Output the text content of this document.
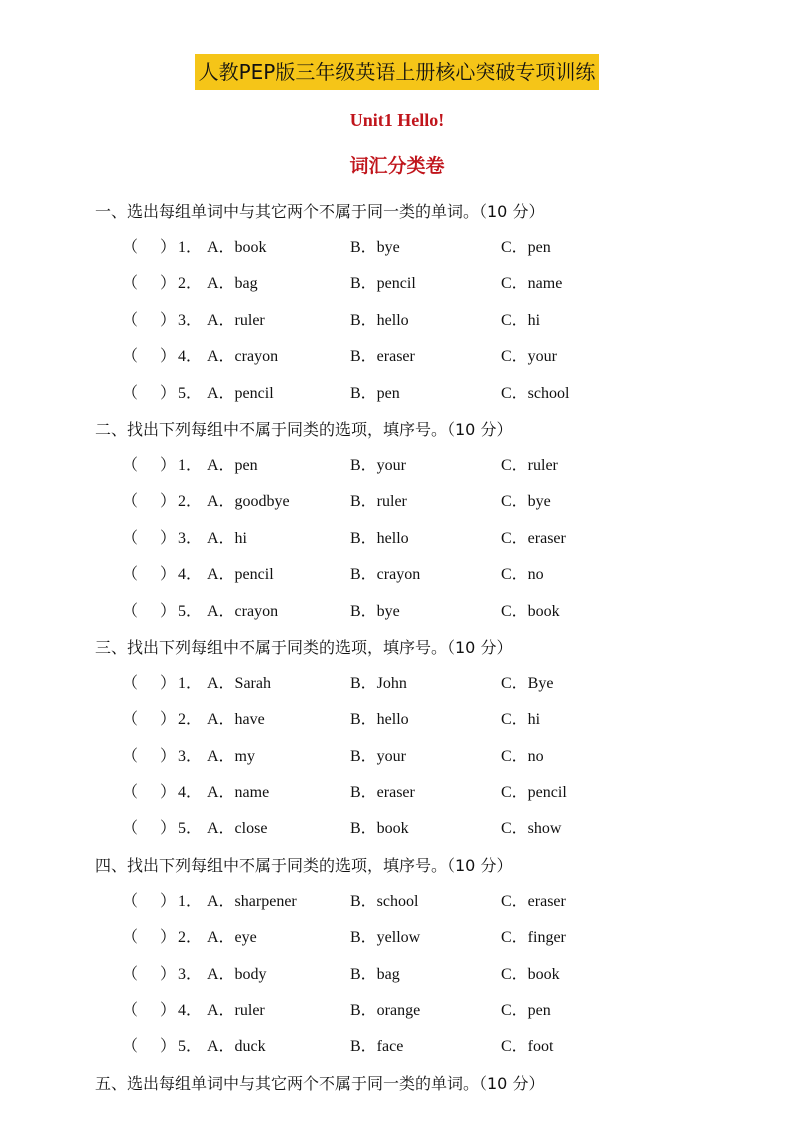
人教PEP版三年级英语上册核心突破专项训练
Unit1 Hello!
词汇分类卷
一、选出每组单词中与其它两个不属于同一类的单词。（10 分）
（ ） 1． A．book	B．bye	C．pen
（ ） 2． A．bag	B．pencil	C．name
（ ） 3． A．ruler	B．hello	C．hi
（ ） 4． A．crayon	B．eraser	C．your
（ ） 5． A．pencil	B．pen	C．school
二、找出下列每组中不属于同类的选项，填序号。（10 分）
（ ） 1． A．pen	B．your	C．ruler
（ ） 2． A．goodbye	B．ruler	C．bye
（ ） 3． A．hi	B．hello	C．eraser
（ ） 4． A．pencil	B．crayon	C．no
（ ） 5． A．crayon	B．bye	C．book
三、找出下列每组中不属于同类的选项，填序号。（10 分）
（ ） 1． A．Sarah	B．John	C．Bye
（ ） 2． A．have	B．hello	C．hi
（ ） 3． A．my	B．your	C．no
（ ） 4． A．name	B．eraser	C．pencil
（ ） 5． A．close	B．book	C．show
四、找出下列每组中不属于同类的选项，填序号。（10 分）
（ ） 1． A．sharpener	B．school	C．eraser
（ ） 2． A．eye	B．yellow	C．finger
（ ） 3． A．body	B．bag	C．book
（ ） 4． A．ruler	B．orange	C．pen
（ ） 5． A．duck	B．face	C．foot
五、选出每组单词中与其它两个不属于同一类的单词。（10 分）
